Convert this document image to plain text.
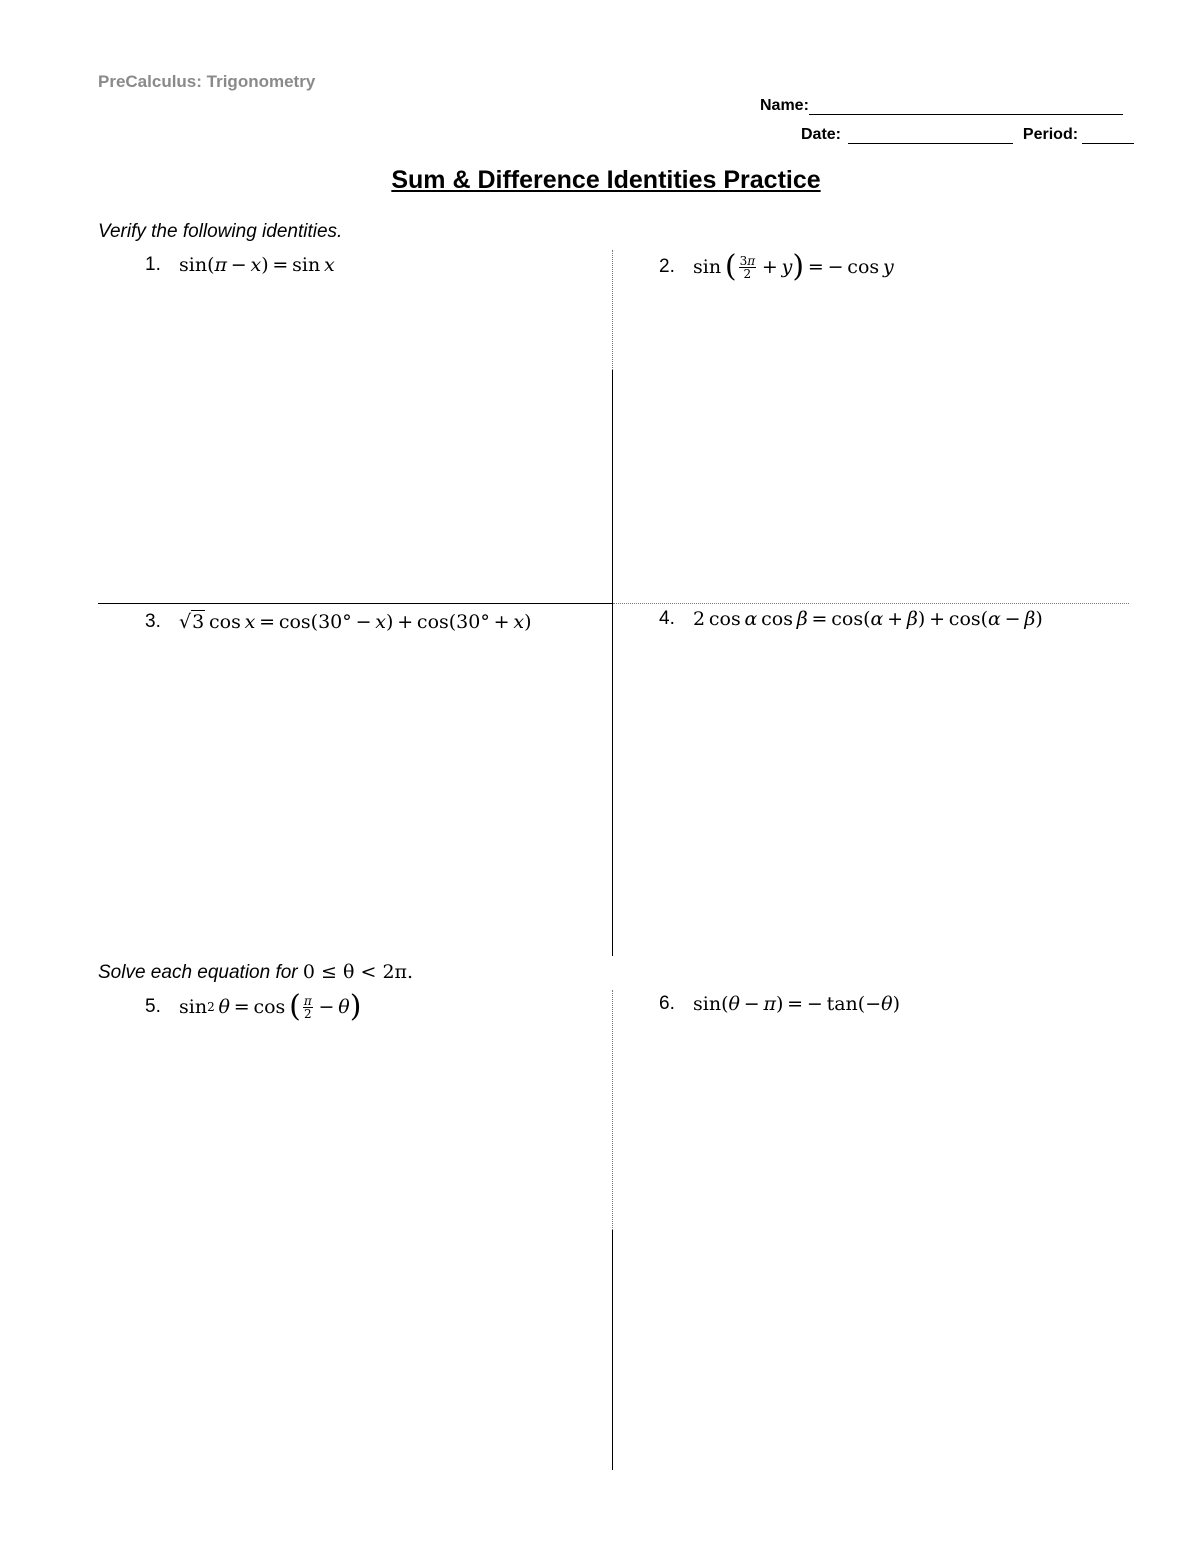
PreCalculus: Trigonometry
Name:
Date:	Period:
Sum & Difference Identities Practice
Verify the following identities.
1. sin( π  −  x ) = sin  x	2. sin  ( $\frac{3\pi}{2} + y$ )  = − cos  y
3. √ 3  cos  x  = cos(30° −  x ) + cos(30° +  x )	4. 2 cos  α  cos  β  = cos( α  +  β ) + cos( α  −  β )
Solve each equation for 0 ≤ θ < 2π.
5. sin 2
  θ  = cos  ( $\frac{\pi}{2} - \theta$ )	6. sin( θ  −  π ) = − tan(− θ )
